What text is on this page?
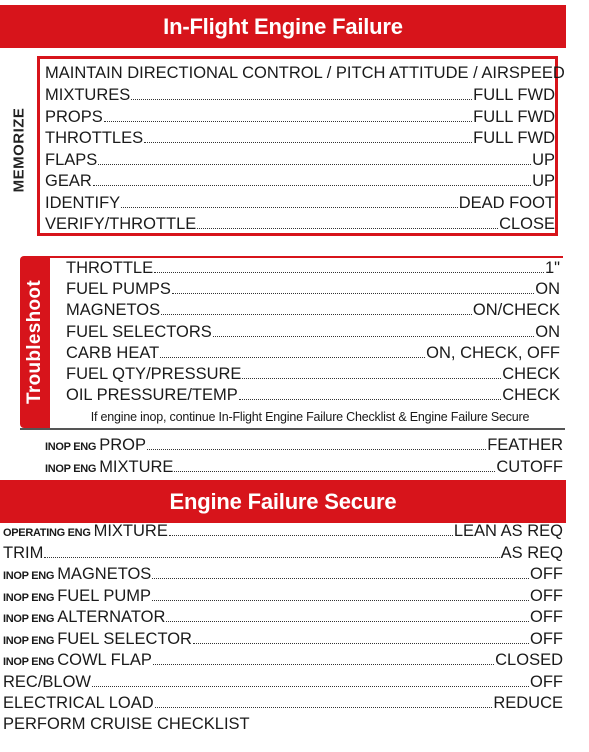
In-Flight Engine Failure
MEMORIZE
MAINTAIN DIRECTIONAL CONTROL / PITCH ATTITUDE / AIRSPEED
MIXTURES	FULL FWD
PROPS	FULL FWD
THROTTLES	FULL FWD
FLAPS	UP
GEAR	UP
IDENTIFY	DEAD FOOT
VERIFY/THROTTLE	CLOSE
Troubleshoot
THROTTLE	1"
FUEL PUMPS	ON
MAGNETOS	ON/CHECK
FUEL SELECTORS	ON
CARB HEAT	ON, CHECK, OFF
FUEL QTY/PRESSURE	CHECK
OIL PRESSURE/TEMP	CHECK
If engine inop, continue In-Flight Engine Failure Checklist & Engine Failure Secure
INOP ENG PROP	FEATHER
INOP ENG MIXTURE	CUTOFF
Engine Failure Secure
OPERATING ENG MIXTURE	LEAN AS REQ
TRIM	AS REQ
INOP ENG MAGNETOS	OFF
INOP ENG FUEL PUMP	OFF
INOP ENG ALTERNATOR	OFF
INOP ENG FUEL SELECTOR	OFF
INOP ENG COWL FLAP	CLOSED
REC/BLOW	OFF
ELECTRICAL LOAD	REDUCE
PERFORM CRUISE CHECKLIST
